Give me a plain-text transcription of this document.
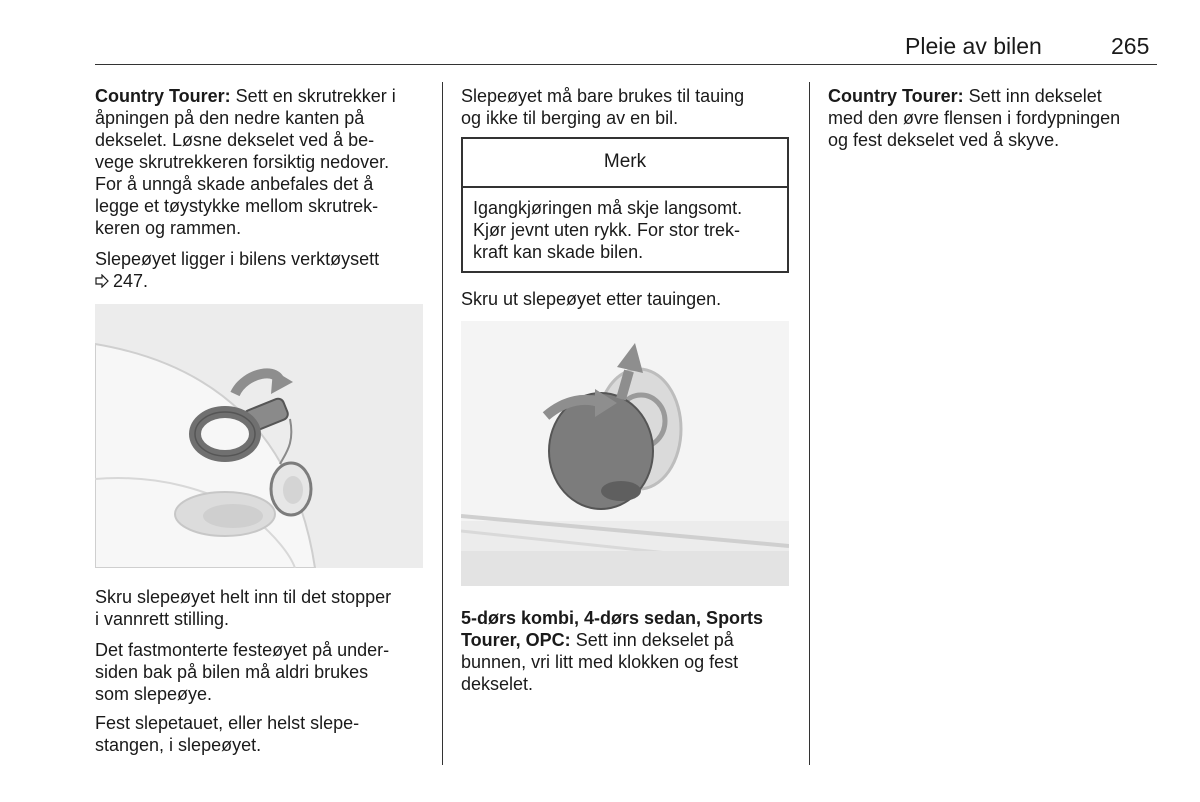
Pleie av bilen	265
Country Tourer: Sett en skrutrekker i
åpningen på den nedre kanten på
dekselet. Løsne dekselet ved å be-
vege skrutrekkeren forsiktig nedover.
For å unngå skade anbefales det å
legge et tøystykke mellom skrutrek-
keren og rammen.
Slepeøyet ligger i bilens verktøysett
247.
Skru slepeøyet helt inn til det stopper
i vannrett stilling.
Det fastmonterte festeøyet på under-
siden bak på bilen må aldri brukes
som slepeøye.
Fest slepetauet, eller helst slepe-
stangen, i slepeøyet.
Slepeøyet må bare brukes til tauing
og ikke til berging av en bil.
Merk
Igangkjøringen må skje langsomt.
Kjør jevnt uten rykk. For stor trek-
kraft kan skade bilen.
Skru ut slepeøyet etter tauingen.
5-dørs kombi, 4-dørs sedan, Sports
Tourer, OPC: Sett inn dekselet på
bunnen, vri litt med klokken og fest
dekselet.
Country Tourer: Sett inn dekselet
med den øvre flensen i fordypningen
og fest dekselet ved å skyve.
